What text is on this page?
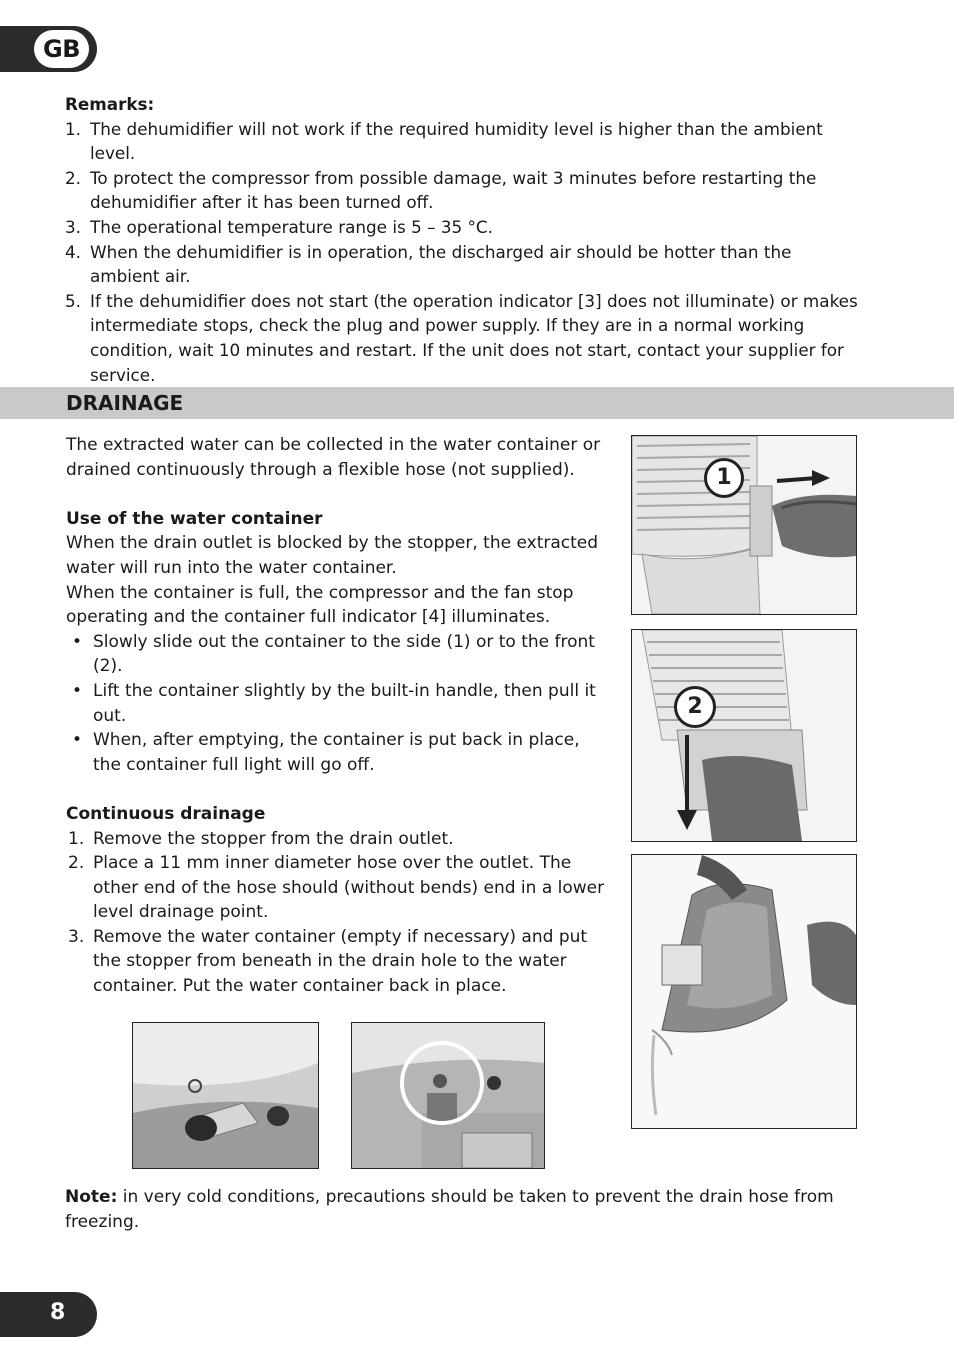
GB
Remarks:
1. The dehumidifier will not work if the required humidity level is higher than the ambient level.
2. To protect the compressor from possible damage, wait 3 minutes before restarting the dehumidifier after it has been turned off.
3. The operational temperature range is 5 – 35 °C.
4. When the dehumidifier is in operation, the discharged air should be hotter than the ambient air.
5. If the dehumidifier does not start (the operation indicator [3] does not illuminate) or makes intermediate stops, check the plug and power supply. If they are in a normal working condition, wait 10 minutes and restart. If the unit does not start, contact your supplier for service.
DRAINAGE
The extracted water can be collected in the water container or drained continuously through a flexible hose (not supplied).
Use of the water container
When the drain outlet is blocked by the stopper, the extracted water will run into the water container.
When the container is full, the compressor and the fan stop operating and the container full indicator [4] illuminates.
• Slowly slide out the container to the side (1) or to the front (2).
• Lift the container slightly by the built-in handle, then pull it out.
• When, after emptying, the container is put back in place, the container full light will go off.
Continuous drainage
1. Remove the stopper from the drain outlet.
2. Place a 11 mm inner diameter hose over the outlet. The other end of the hose should (without bends) end in a lower level drainage point.
3. Remove the water container (empty if necessary) and put the stopper from beneath in the drain hole to the water container. Put the water container back in place.
1
2
Note: in very cold conditions, precautions should be taken to prevent the drain hose from freezing.
8
